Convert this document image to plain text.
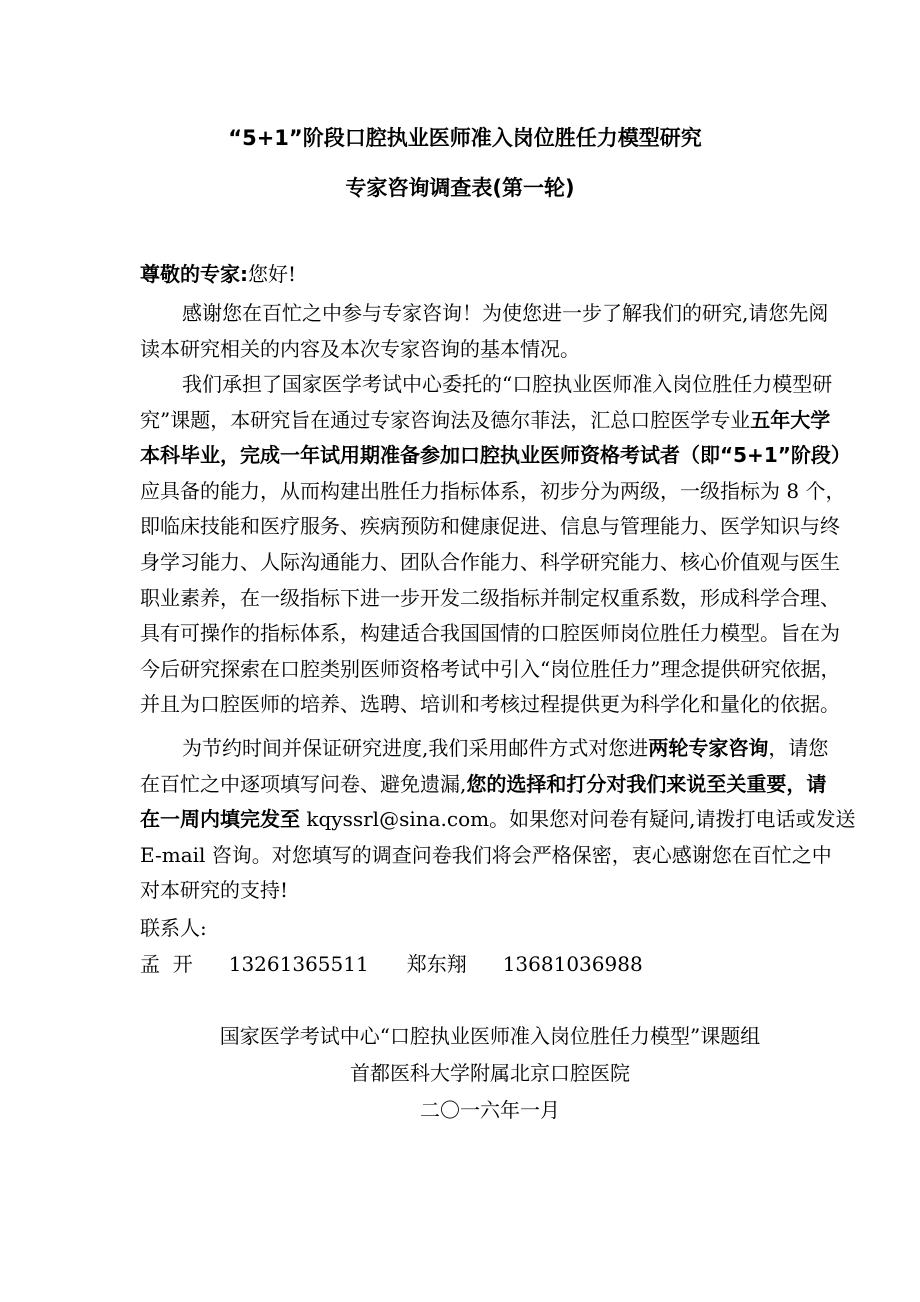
“5+1”阶段口腔执业医师准入岗位胜任力模型研究
专家咨询调查表(第一轮)
尊敬的专家:您好!
感谢您在百忙之中参与专家咨询！为使您进一步了解我们的研究,请您先阅
读本研究相关的内容及本次专家咨询的基本情况。
我们承担了国家医学考试中心委托的“口腔执业医师准入岗位胜任力模型研
究”课题，本研究旨在通过专家咨询法及德尔菲法，汇总口腔医学专业五年大学
本科毕业，完成一年试用期准备参加口腔执业医师资格考试者（即“5+1”阶段）
应具备的能力，从而构建出胜任力指标体系，初步分为两级，一级指标为 8 个，
即临床技能和医疗服务、疾病预防和健康促进、信息与管理能力、医学知识与终
身学习能力、人际沟通能力、团队合作能力、科学研究能力、核心价值观与医生
职业素养，在一级指标下进一步开发二级指标并制定权重系数，形成科学合理、
具有可操作的指标体系，构建适合我国国情的口腔医师岗位胜任力模型。旨在为
今后研究探索在口腔类别医师资格考试中引入“岗位胜任力”理念提供研究依据，
并且为口腔医师的培养、选聘、培训和考核过程提供更为科学化和量化的依据。
为节约时间并保证研究进度,我们采用邮件方式对您进两轮专家咨询，请您
在百忙之中逐项填写问卷、避免遗漏,您的选择和打分对我们来说至关重要，请
在一周内填完发至 kqyssrl@sina.com。如果您对问卷有疑问,请拨打电话或发送
E-mail 咨询。对您填写的调查问卷我们将会严格保密，衷心感谢您在百忙之中
对本研究的支持!
联系人:
孟  开 13261365511 郑东翔 13681036988
国家医学考试中心“口腔执业医师准入岗位胜任力模型”课题组
首都医科大学附属北京口腔医院
二〇一六年一月
